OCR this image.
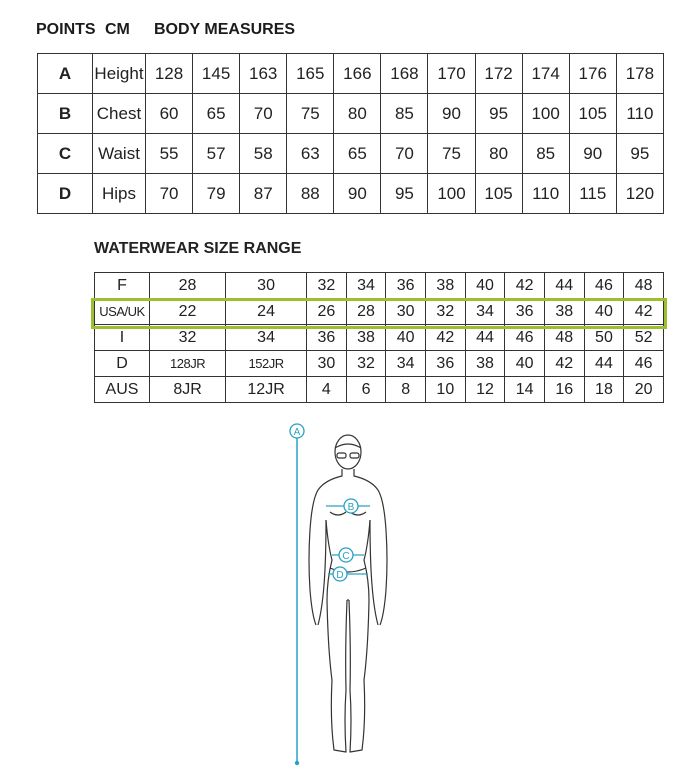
POINTS CM BODY MEASURES
A	Height	128	145	163	165	166	168	170	172	174	176	178
B	Chest	60	65	70	75	80	85	90	95	100	105	110
C	Waist	55	57	58	63	65	70	75	80	85	90	95
D	Hips	70	79	87	88	90	95	100	105	110	115	120
WATERWEAR SIZE RANGE
F	28	30	32	34	36	38	40	42	44	46	48
USA/UK	22	24	26	28	30	32	34	36	38	40	42
I	32	34	36	38	40	42	44	46	48	50	52
D	128JR	152JR	30	32	34	36	38	40	42	44	46
AUS	8JR	12JR	4	6	8	10	12	14	16	18	20
A
B
C
D
